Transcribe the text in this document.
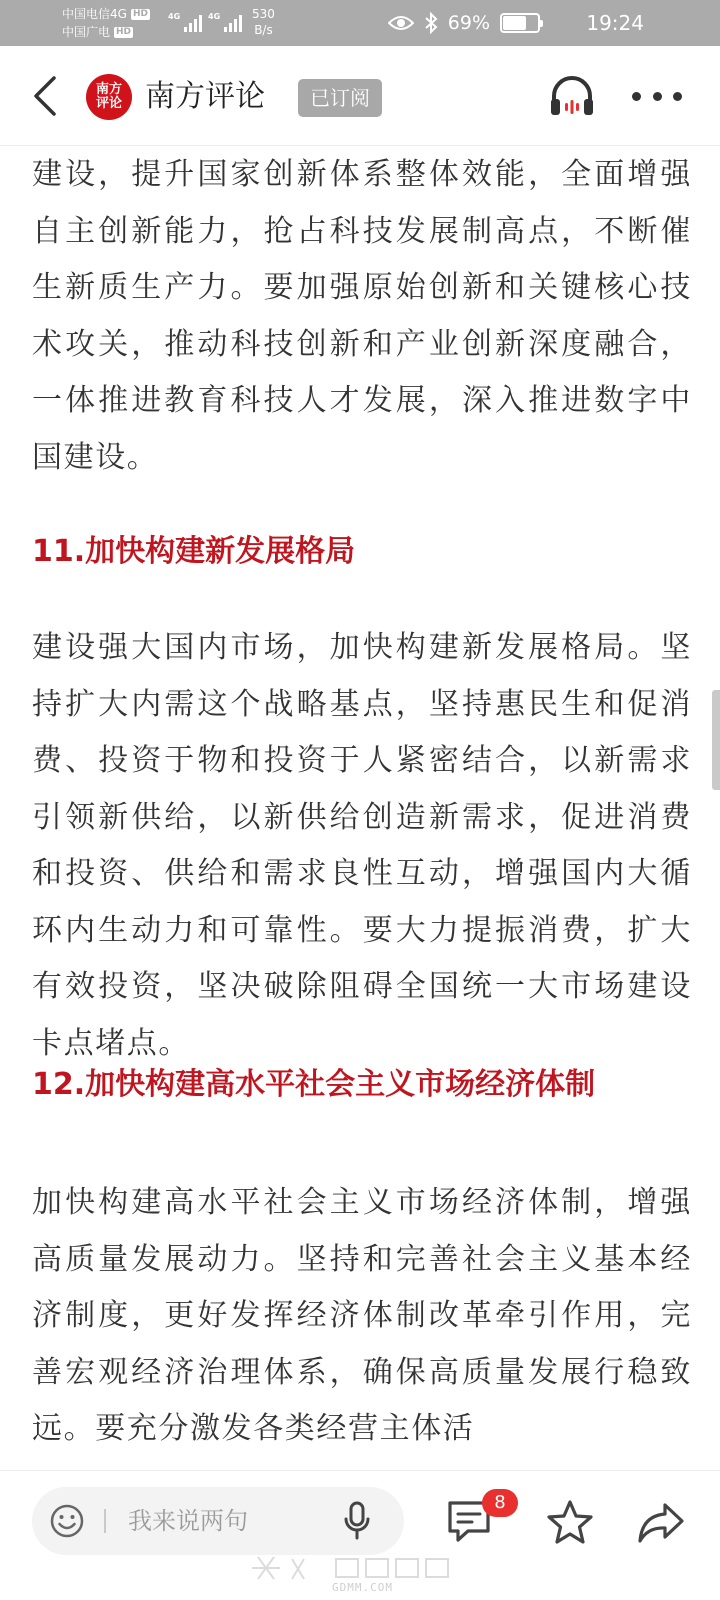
中国电信4G HD
中国广电 HD
4G	4G	530
B/s	69%	19:24
南方
评论 南方评论	已订阅
建设，提升国家创新体系整体效能，全面增强自主创新能力，抢占科技发展制高点，不断催生新质生产力。要加强原始创新和关键核心技术攻关，推动科技创新和产业创新深度融合，一体推进教育科技人才发展，深入推进数字中国建设。
11.加快构建新发展格局
建设强大国内市场，加快构建新发展格局。坚持扩大内需这个战略基点，坚持惠民生和促消费、投资于物和投资于人紧密结合，以新需求引领新供给，以新供给创造新需求，促进消费和投资、供给和需求良性互动，增强国内大循环内生动力和可靠性。要大力提振消费，扩大有效投资，坚决破除阻碍全国统一大市场建设卡点堵点。
12.加快构建高水平社会主义市场经济体制
加快构建高水平社会主义市场经济体制，增强高质量发展动力。坚持和完善社会主义基本经济制度，更好发挥经济体制改革牵引作用，完善宏观经济治理体系，确保高质量发展行稳致远。要充分激发各类经营主体活
我来说两句
8
GDMM.COM
